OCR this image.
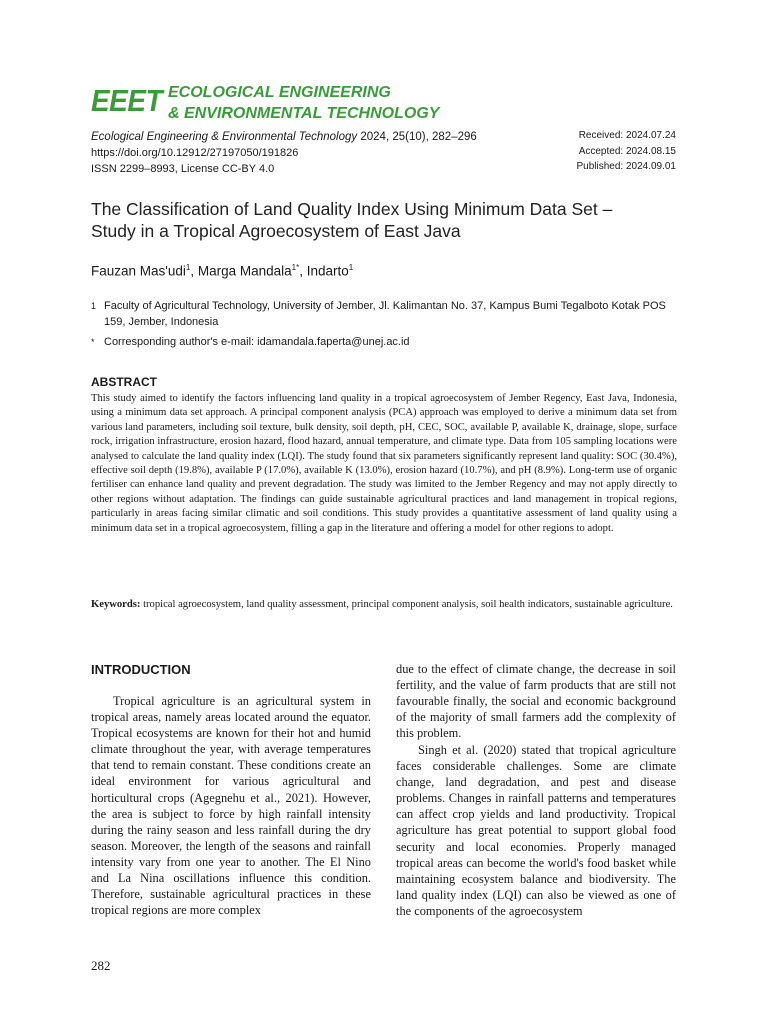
EEET ECOLOGICAL ENGINEERING
& ENVIRONMENTAL TECHNOLOGY
Ecological Engineering & Environmental Technology 2024, 25(10), 282–296
https://doi.org/10.12912/27197050/191826
ISSN 2299–8993, License CC-BY 4.0
Received: 2024.07.24
Accepted: 2024.08.15
Published: 2024.09.01
The Classification of Land Quality Index Using Minimum Data Set – Study in a Tropical Agroecosystem of East Java
Fauzan Mas'udi$^1$, Marga Mandala$^{1*}$, Indarto$^1$
1 Faculty of Agricultural Technology, University of Jember, Jl. Kalimantan No. 37, Kampus Bumi Tegalboto Kotak POS 159, Jember, Indonesia
* Corresponding author's e-mail: idamandala.faperta@unej.ac.id
ABSTRACT

This study aimed to identify the factors influencing land quality in a tropical agroecosystem of Jember Regency, East Java, Indonesia, using a minimum data set approach. A principal component analysis (PCA) approach was employed to derive a minimum data set from various land parameters, including soil texture, bulk density, soil depth, pH, CEC, SOC, available P, available K, drainage, slope, surface rock, irrigation infrastructure, erosion hazard, flood hazard, annual temperature, and climate type. Data from 105 sampling locations were analysed to calculate the land quality index (LQI). The study found that six parameters significantly represent land quality: SOC (30.4%), effective soil depth (19.8%), available P (17.0%), available K (13.0%), erosion hazard (10.7%), and pH (8.9%). Long-term use of organic fertiliser can enhance land quality and prevent degradation. The study was limited to the Jember Regency and may not apply directly to other regions without adaptation. The findings can guide sustainable agricultural practices and land management in tropical regions, particularly in areas facing similar climatic and soil conditions. This study provides a quantitative assessment of land quality using a minimum data set in a tropical agroecosystem, filling a gap in the literature and offering a model for other regions to adopt.

Keywords: tropical agroecosystem, land quality assessment, principal component analysis, soil health indicators, sustainable agriculture.

INTRODUCTION

Tropical agriculture is an agricultural system in tropical areas, namely areas located around the equator. Tropical ecosystems are known for their hot and humid climate throughout the year, with average temperatures that tend to remain constant. These conditions create an ideal environment for various agricultural and horticultural crops (Agegnehu et al., 2021). However, the area is subject to force by high rainfall intensity during the rainy season and less rainfall during the dry season. Moreover, the length of the seasons and rainfall intensity vary from one year to another. The El Nino and La Nina oscillations influence this condition. Therefore, sustainable agricultural practices in these tropical regions are more complex

due to the effect of climate change, the decrease in soil fertility, and the value of farm products that are still not favourable finally, the social and economic background of the majority of small farmers add the complexity of this problem.

Singh et al. (2020) stated that tropical agriculture faces considerable challenges. Some are climate change, land degradation, and pest and disease problems. Changes in rainfall patterns and temperatures can affect crop yields and land productivity. Tropical agriculture has great potential to support global food security and local economies. Properly managed tropical areas can become the world's food basket while maintaining ecosystem balance and biodiversity. The land quality index (LQI) can also be viewed as one of the components of the agroecosystem

282
